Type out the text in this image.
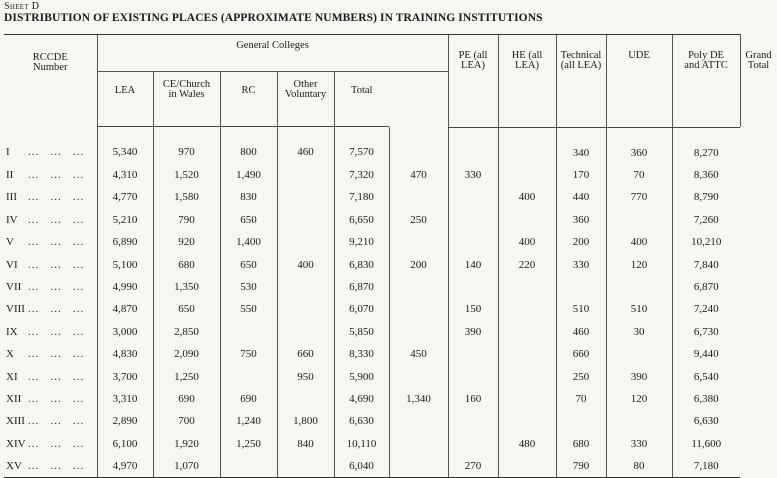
Sheet D
DISTRIBUTION OF EXISTING PLACES (APPROXIMATE NUMBERS) IN TRAINING INSTITUTIONS
RCCDE Number	General Colleges						PE (all LEA)	HE (all LEA)	Technical (all LEA)	UDE	Poly DE and ATTC	Grand Total
	LEA	CE/Church in Wales	RC	Other Voluntary	Total						

I ...   ...   ...	5,340	970	800	460	7,570				340	360	8,270	
II ...   ...   ...	4,310	1,520	1,490		7,320	470	330		170	70	8,360	
III ...   ...   ...	4,770	1,580	830		7,180			400	440	770	8,790	
IV ...   ...   ...	5,210	790	650		6,650	250			360		7,260	
V ...   ...   ...	6,890	920	1,400		9,210			400	200	400	10,210	
VI ...   ...   ...	5,100	680	650	400	6,830	200	140	220	330	120	7,840	
VII ...   ...   ...	4,990	1,350	530		6,870						6,870	
VIII ...   ...   ...	4,870	650	550		6,070		150		510	510	7,240	
IX ...   ...   ...	3,000	2,850			5,850		390		460	30	6,730	
X ...   ...   ...	4,830	2,090	750	660	8,330	450			660		9,440	
XI ...   ...   ...	3,700	1,250		950	5,900				250	390	6,540	
XII ...   ...   ...	3,310	690	690		4,690	1,340	160		70	120	6,380	
XIII ...   ...   ...	2,890	700	1,240	1,800	6,630						6,630	
XIV ...   ...   ...	6,100	1,920	1,250	840	10,110			480	680	330	11,600	
XV ...   ...   ...	4,970	1,070			6,040		270		790	80	7,180	
